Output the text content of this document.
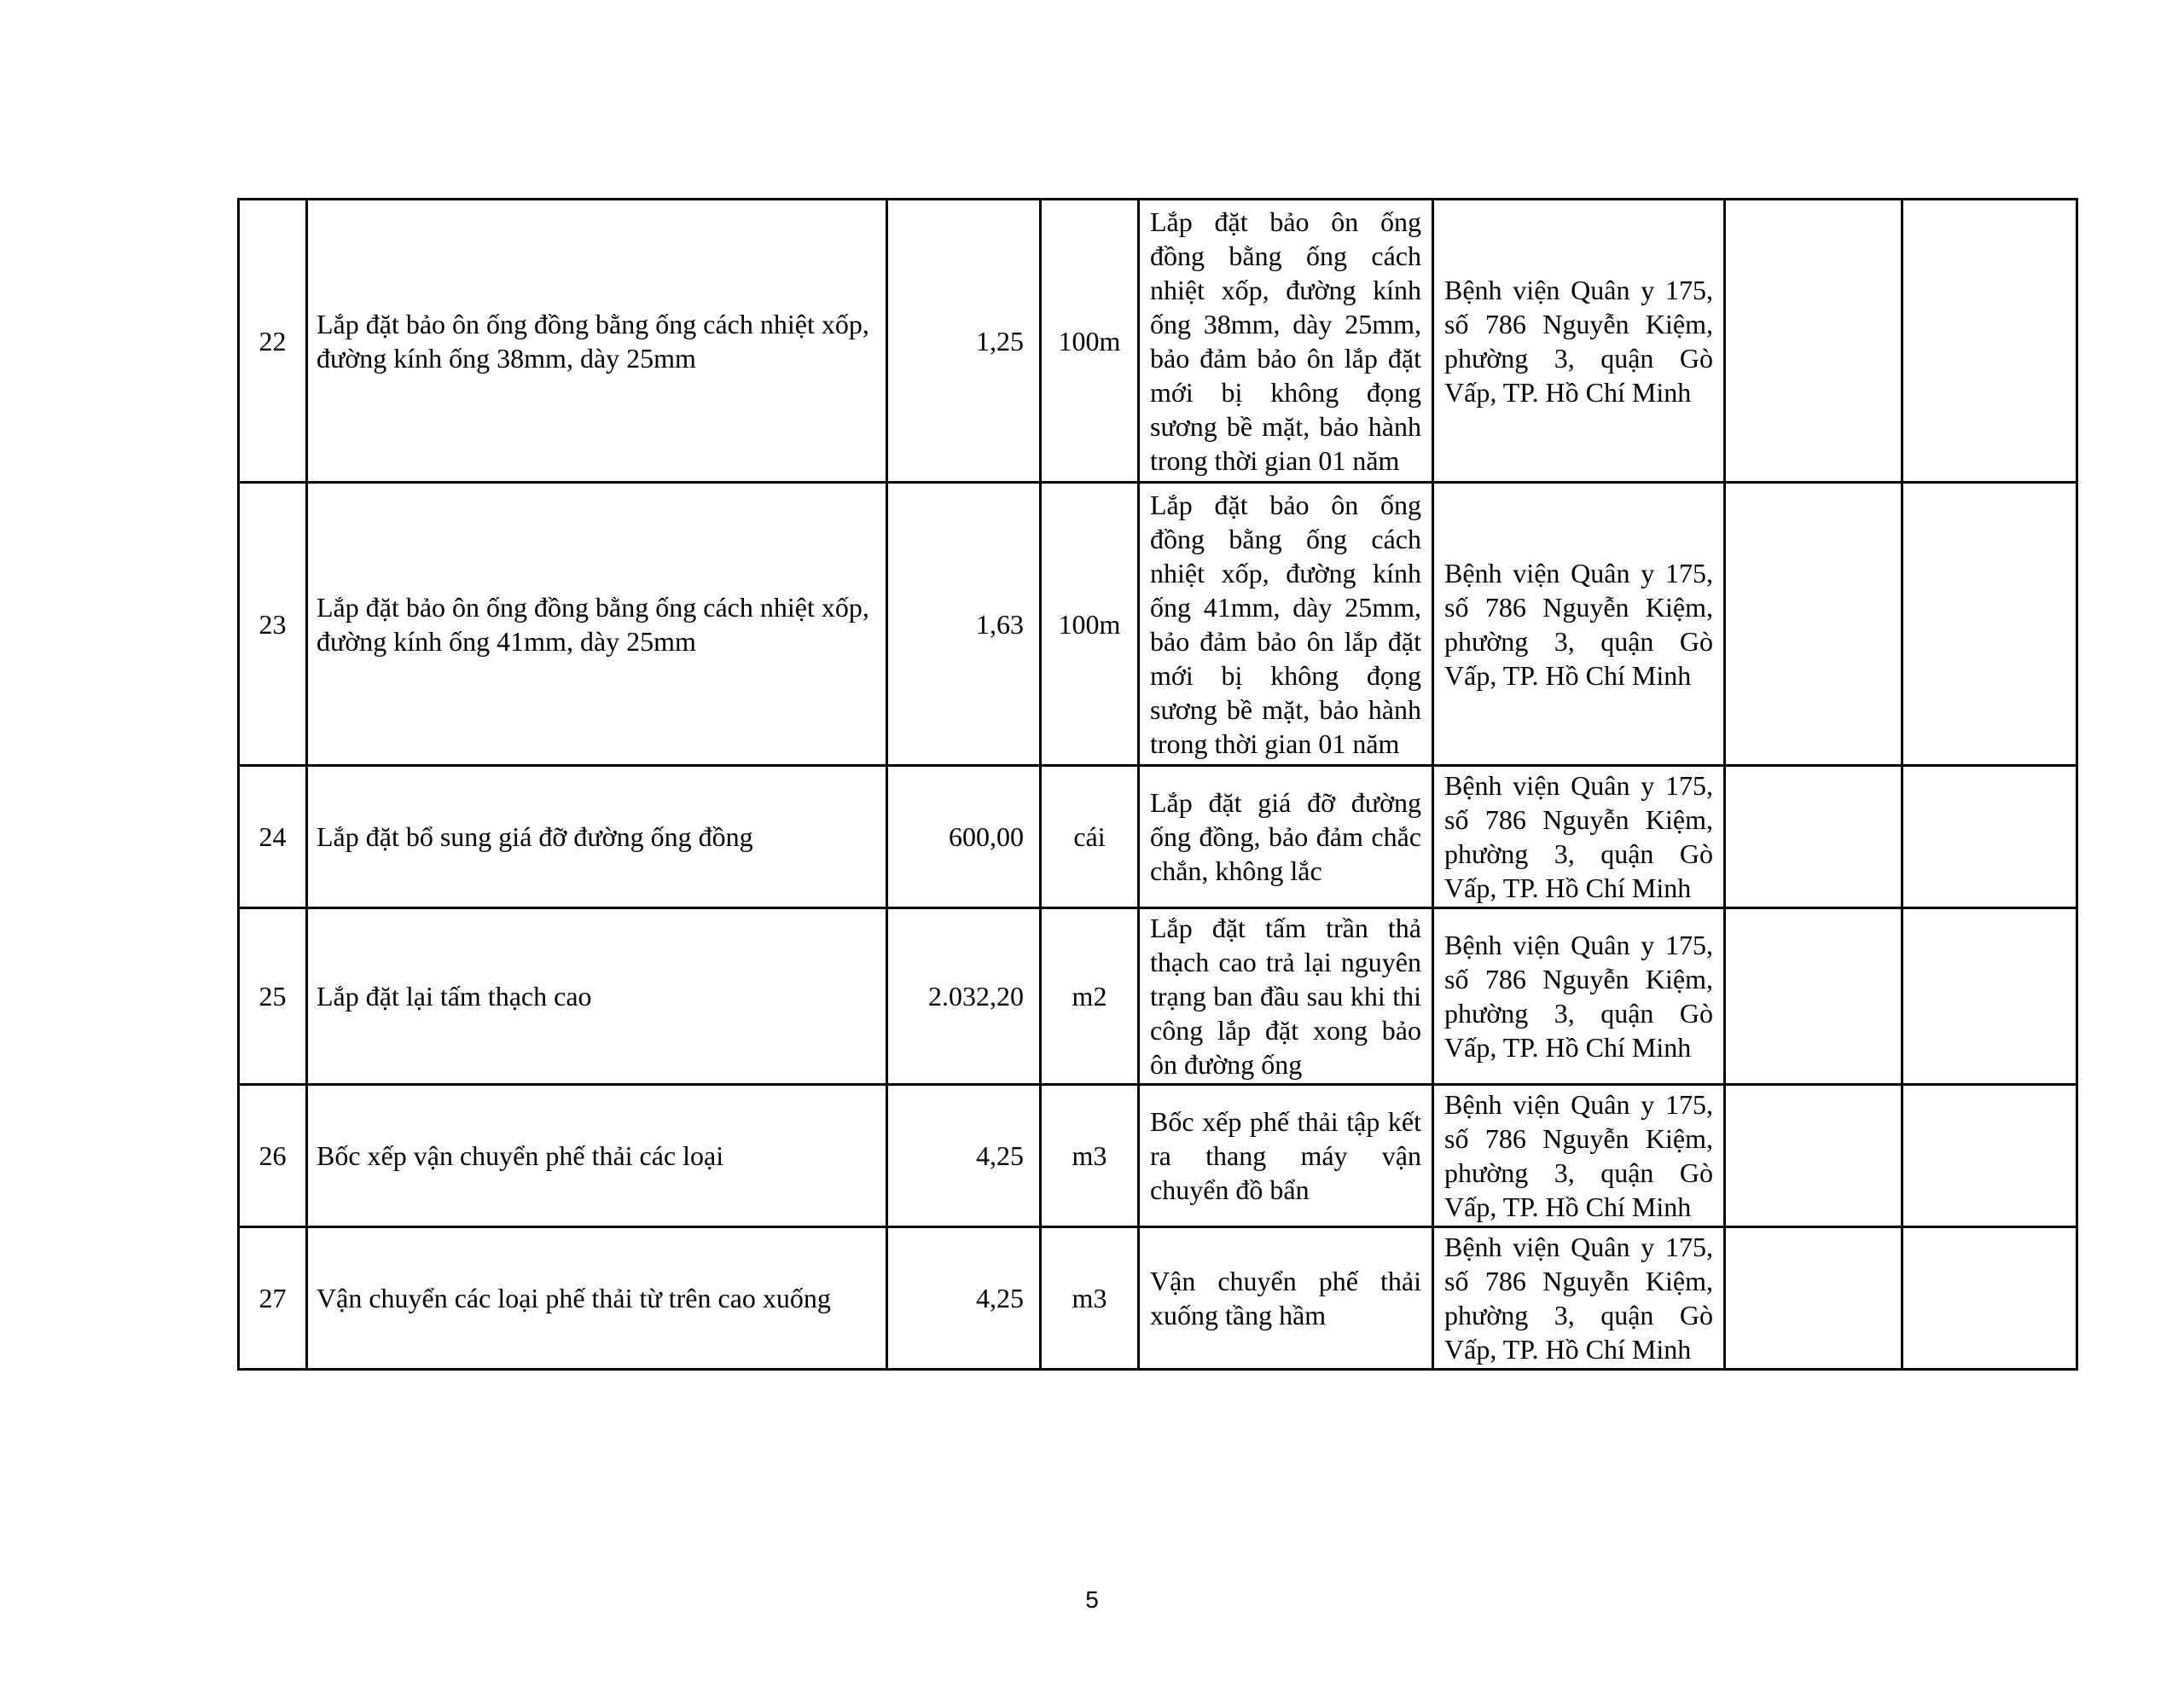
22	Lắp đặt bảo ôn ống đồng bằng ống cách nhiệt xốp, đường kính ống 38mm, dày 25mm	1,25	100m	Lắp đặt bảo ôn ống đồng bằng ống cách nhiệt xốp, đường kính ống 38mm, dày 25mm, bảo đảm bảo ôn lắp đặt mới bị không đọng sương bề mặt, bảo hành trong thời gian 01 năm	Bệnh viện Quân y 175, số 786 Nguyễn Kiệm, phường 3, quận Gò Vấp, TP. Hồ Chí Minh		
23	Lắp đặt bảo ôn ống đồng bằng ống cách nhiệt xốp, đường kính ống 41mm, dày 25mm	1,63	100m	Lắp đặt bảo ôn ống đồng bằng ống cách nhiệt xốp, đường kính ống 41mm, dày 25mm, bảo đảm bảo ôn lắp đặt mới bị không đọng sương bề mặt, bảo hành trong thời gian 01 năm	Bệnh viện Quân y 175, số 786 Nguyễn Kiệm, phường 3, quận Gò Vấp, TP. Hồ Chí Minh		
24	Lắp đặt bổ sung giá đỡ đường ống đồng	600,00	cái	Lắp đặt giá đỡ đường ống đồng, bảo đảm chắc chắn, không lắc	Bệnh viện Quân y 175, số 786 Nguyễn Kiệm, phường 3, quận Gò Vấp, TP. Hồ Chí Minh		
25	Lắp đặt lại tấm thạch cao	2.032,20	m2	Lắp đặt tấm trần thả thạch cao trả lại nguyên trạng ban đầu sau khi thi công lắp đặt xong bảo ôn đường ống	Bệnh viện Quân y 175, số 786 Nguyễn Kiệm, phường 3, quận Gò Vấp, TP. Hồ Chí Minh		
26	Bốc xếp vận chuyển phế thải các loại	4,25	m3	Bốc xếp phế thải tập kết ra thang máy vận chuyển đồ bẩn	Bệnh viện Quân y 175, số 786 Nguyễn Kiệm, phường 3, quận Gò Vấp, TP. Hồ Chí Minh		
27	Vận chuyển các loại phế thải từ trên cao xuống	4,25	m3	Vận chuyển phế thải xuống tầng hầm	Bệnh viện Quân y 175, số 786 Nguyễn Kiệm, phường 3, quận Gò Vấp, TP. Hồ Chí Minh		
5
